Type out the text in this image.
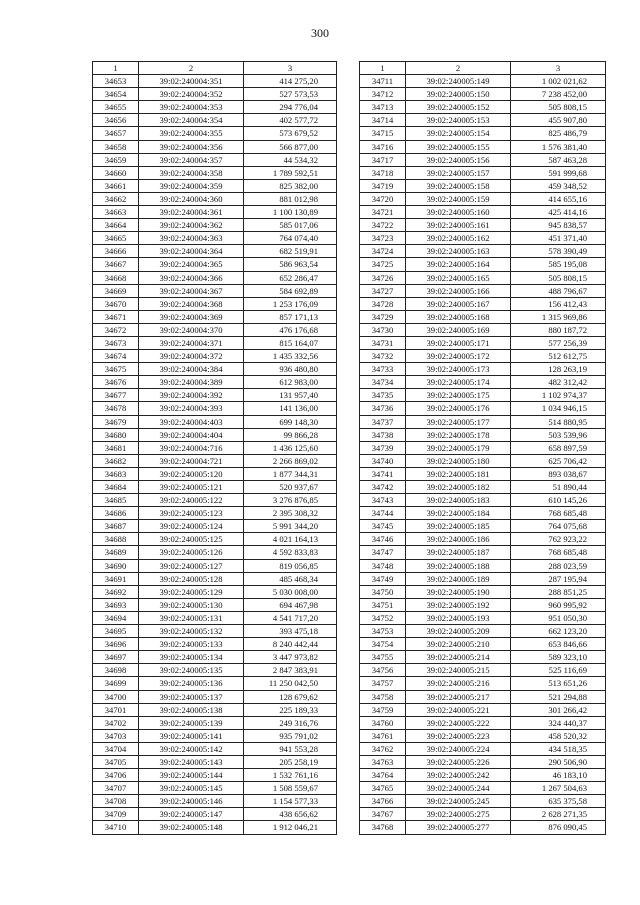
300
1	2	3
34653	39:02:240004:351	414 275,20
34654	39:02:240004:352	527 573,53
34655	39:02:240004:353	294 776,04
34656	39:02:240004:354	402 577,72
34657	39:02:240004:355	573 679,52
34658	39:02:240004:356	566 877,00
34659	39:02:240004:357	44 534,32
34660	39:02:240004:358	1 789 592,51
34661	39:02:240004:359	825 382,00
34662	39:02:240004:360	881 012,98
34663	39:02:240004:361	1 100 130,89
34664	39:02:240004:362	585 017,06
34665	39:02:240004:363	764 074,40
34666	39:02:240004:364	682 519,91
34667	39:02:240004:365	586 963,54
34668	39:02:240004:366	652 286,47
34669	39:02:240004:367	584 692,89
34670	39:02:240004:368	1 253 176,09
34671	39:02:240004:369	857 171,13
34672	39:02:240004:370	476 176,68
34673	39:02:240004:371	815 164,07
34674	39:02:240004:372	1 435 332,56
34675	39:02:240004:384	936 480,80
34676	39:02:240004:389	612 983,00
34677	39:02:240004:392	131 957,40
34678	39:02:240004:393	141 136,00
34679	39:02:240004:403	699 148,30
34680	39:02:240004:404	99 866,28
34681	39:02:240004:716	1 436 125,60
34682	39:02:240004:721	2 266 869,02
34683	39:02:240005:120	1 877 344,31
34684	39:02:240005:121	520 937,67
34685	39:02:240005:122	3 276 876,85
34686	39:02:240005:123	2 395 308,32
34687	39:02:240005:124	5 991 344,20
34688	39:02:240005:125	4 021 164,13
34689	39:02:240005:126	4 592 833,83
34690	39:02:240005:127	819 056,85
34691	39:02:240005:128	485 468,34
34692	39:02:240005:129	5 030 008,00
34693	39:02:240005:130	694 467,98
34694	39:02:240005:131	4 541 717,20
34695	39:02:240005:132	393 475,18
34696	39:02:240005:133	8 240 442,44
34697	39:02:240005:134	3 447 973,82
34698	39:02:240005:135	2 847 383,91
34699	39:02:240005:136	11 250 042,50
34700	39:02:240005:137	128 679,62
34701	39:02:240005:138	225 189,33
34702	39:02:240005:139	249 316,76
34703	39:02:240005:141	935 791,02
34704	39:02:240005:142	941 553,28
34705	39:02:240005:143	205 258,19
34706	39:02:240005:144	1 532 761,16
34707	39:02:240005:145	1 508 559,67
34708	39:02:240005:146	1 154 577,33
34709	39:02:240005:147	438 656,62
34710	39:02:240005:148	1 912 046,21
1	2	3
34711	39:02:240005:149	1 002 021,62
34712	39:02:240005:150	7 238 452,00
34713	39:02:240005:152	505 808,15
34714	39:02:240005:153	455 907,80
34715	39:02:240005:154	825 486,79
34716	39:02:240005:155	1 576 381,40
34717	39:02:240005:156	587 463,28
34718	39:02:240005:157	591 999,68
34719	39:02:240005:158	459 348,52
34720	39:02:240005:159	414 655,16
34721	39:02:240005:160	425 414,16
34722	39:02:240005:161	945 838,57
34723	39:02:240005:162	451 371,40
34724	39:02:240005:163	578 390,49
34725	39:02:240005:164	585 195,08
34726	39:02:240005:165	505 808,15
34727	39:02:240005:166	488 796,67
34728	39:02:240005:167	156 412,43
34729	39:02:240005:168	1 315 969,86
34730	39:02:240005:169	880 187,72
34731	39:02:240005:171	577 256,39
34732	39:02:240005:172	512 612,75
34733	39:02:240005:173	128 263,19
34734	39:02:240005:174	482 312,42
34735	39:02:240005:175	1 102 974,37
34736	39:02:240005:176	1 034 946,15
34737	39:02:240005:177	514 880,95
34738	39:02:240005:178	503 539,96
34739	39:02:240005:179	658 897,59
34740	39:02:240005:180	625 706,42
34741	39:02:240005:181	893 038,67
34742	39:02:240005:182	51 890,44
34743	39:02:240005:183	610 145,26
34744	39:02:240005:184	768 685,48
34745	39:02:240005:185	764 075,68
34746	39:02:240005:186	762 923,22
34747	39:02:240005:187	768 685,48
34748	39:02:240005:188	288 023,59
34749	39:02:240005:189	287 195,94
34750	39:02:240005:190	288 851,25
34751	39:02:240005:192	960 995,92
34752	39:02:240005:193	951 050,30
34753	39:02:240005:209	662 123,20
34754	39:02:240005:210	653 846,66
34755	39:02:240005:214	589 323,10
34756	39:02:240005:215	525 116,69
34757	39:02:240005:216	513 651,26
34758	39:02:240005:217	521 294,88
34759	39:02:240005:221	301 266,42
34760	39:02:240005:222	324 440,37
34761	39:02:240005:223	458 520,32
34762	39:02:240005:224	434 518,35
34763	39:02:240005:226	290 506,90
34764	39:02:240005:242	46 183,10
34765	39:02:240005:244	1 267 504,63
34766	39:02:240005:245	635 375,58
34767	39:02:240005:275	2 628 271,35
34768	39:02:240005:277	876 090,45
